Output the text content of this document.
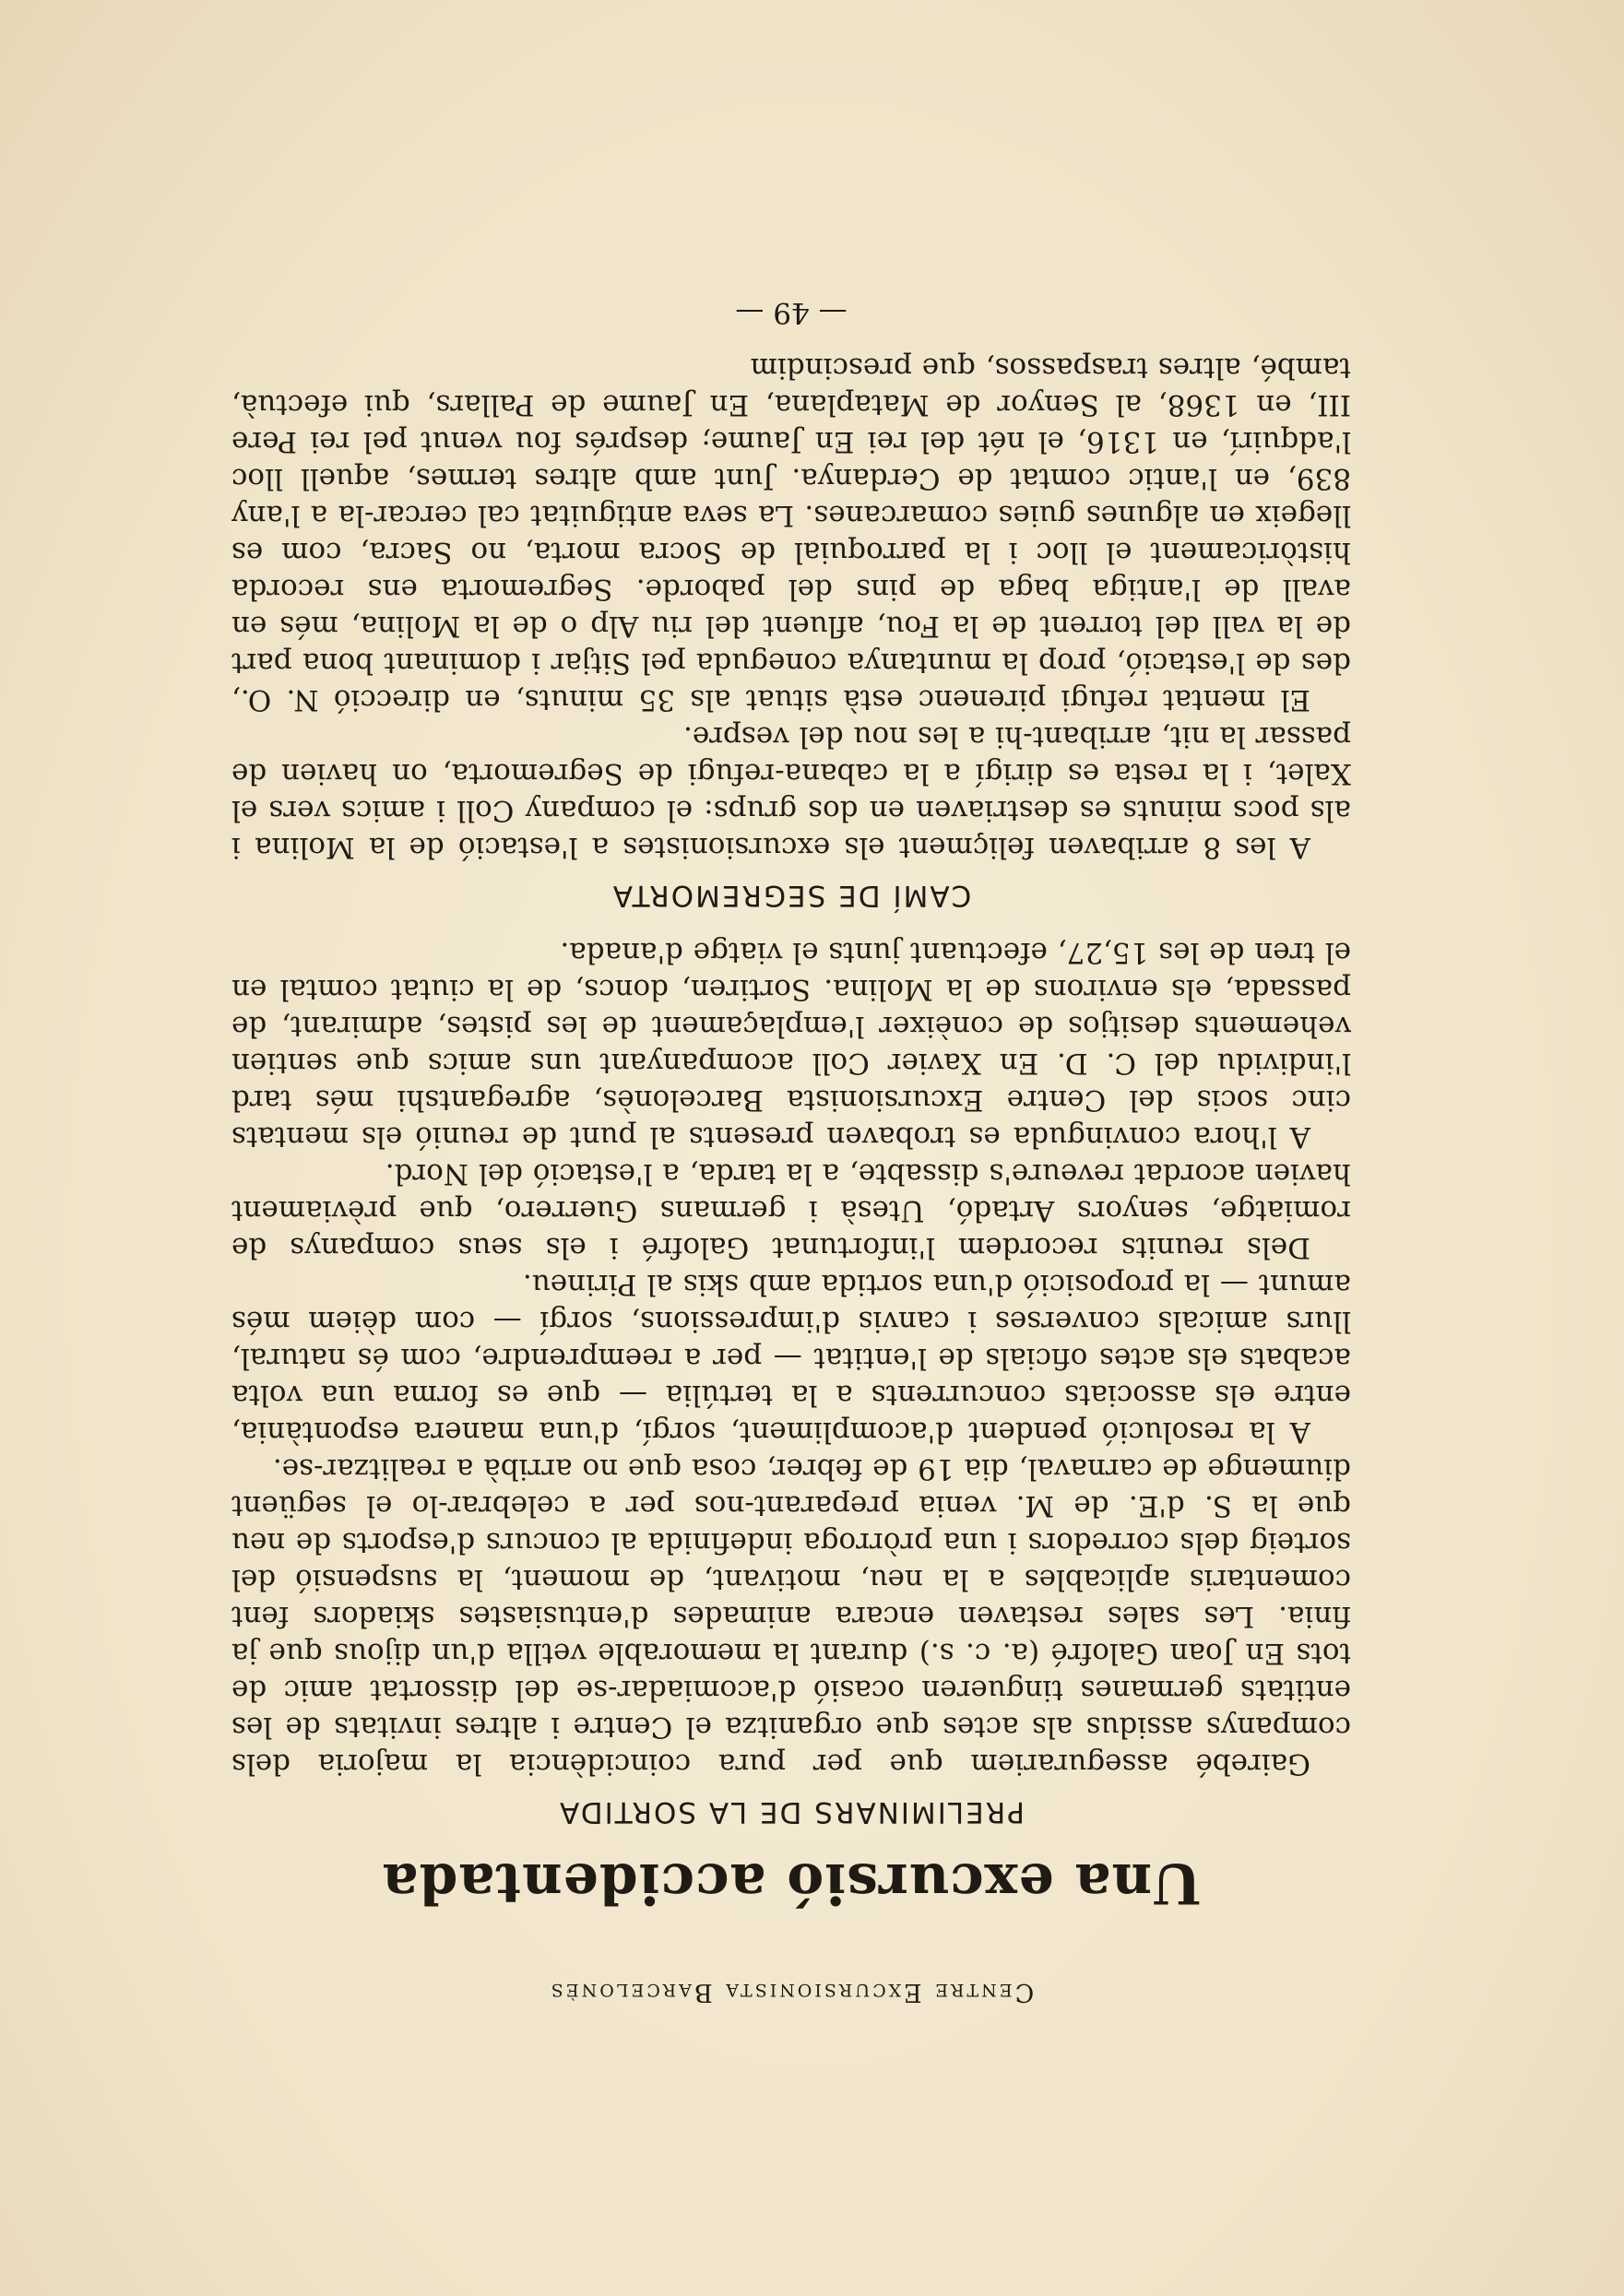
Centre Excursionista Barcelonès
Una excursió accidentada
PRELIMINARS DE LA SORTIDA

Gairebé assegurariem que per pura coincidència la majoria dels companys assidus als actes que organitza el Centre i altres invitats de les entitats germanes tingueren ocasió d'acomiadar-se del dissortat amic de tots En Joan Galofré (a. c. s.) durant la memorable vetlla d'un dijous que ja finia. Les sales restaven encara animades d'entusiastes skiadors fent comentaris aplicables a la neu, motivant, de moment, la suspensió del sorteig dels corredors i una pròrroga indefinida al concurs d'esports de neu que la S. d'E. de M. venia preparant-nos per a celebrar-lo el següent diumenge de carnaval, dia 19 de febrer, cosa que no arribà a realitzar-se.

A la resolució pendent d'acompliment, sorgí, d'una manera espontània, entre els associats concurrents a la tertúlia — que es forma una volta acabats els actes oficials de l'entitat — per a reemprendre, com és natural, llurs amicals converses i canvis d'impressions, sorgí — com dèiem més amunt — la proposició d'una sortida amb skis al Pirineu.

Dels reunits recordem l'infortunat Galofré i els seus companys de romiatge, senyors Artadó, Utesà i germans Guerrero, que prèviament havien acordat reveure's dissabte, a la tarda, a l'estació del Nord.

A l'hora convinguda es trobaven presents al punt de reunió els mentats cinc socis del Centre Excursionista Barcelonès, agregantshi més tard l'individu del C. D. En Xavier Coll acompanyant uns amics que sentien vehements desitjos de conèixer l'emplaçament de les pistes, admirant, de passada, els environs de la Molina. Sortiren, doncs, de la ciutat comtal en el tren de les 15,27, efectuant junts el viatge d'anada.

CAMÍ DE SEGREMORTA

A les 8 arribaven feliçment els excursionistes a l'estació de la Molina i als pocs minuts es destriaven en dos grups: el company Coll i amics vers el Xalet, i la resta es dirigí a la cabana-refugi de Segremorta, on havien de passar la nit, arribant-hi a les nou del vespre.

El mentat refugi pirenenc està situat als 35 minuts, en direcció N. O., des de l'estació, prop la muntanya coneguda pel Sitjar i dominant bona part de la vall del torrent de la Fou, afluent del riu Alp o de la Molina, més en avall de l'antiga baga de pins del paborde. Segremorta ens recorda històricament el lloc i la parroquial de Socra morta, no Sacra, com es llegeix en algunes guies comarcanes. La seva antiguitat cal cercar-la a l'any 839, en l'antic comtat de Cerdanya. Junt amb altres termes, aquell lloc l'adquirí, en 1316, el nét del rei En Jaume; després fou venut pel rei Pere III, en 1368, al Senyor de Mataplana, En Jaume de Pallars, qui efectuà, també, altres traspassos, que prescindim

— 49 —
